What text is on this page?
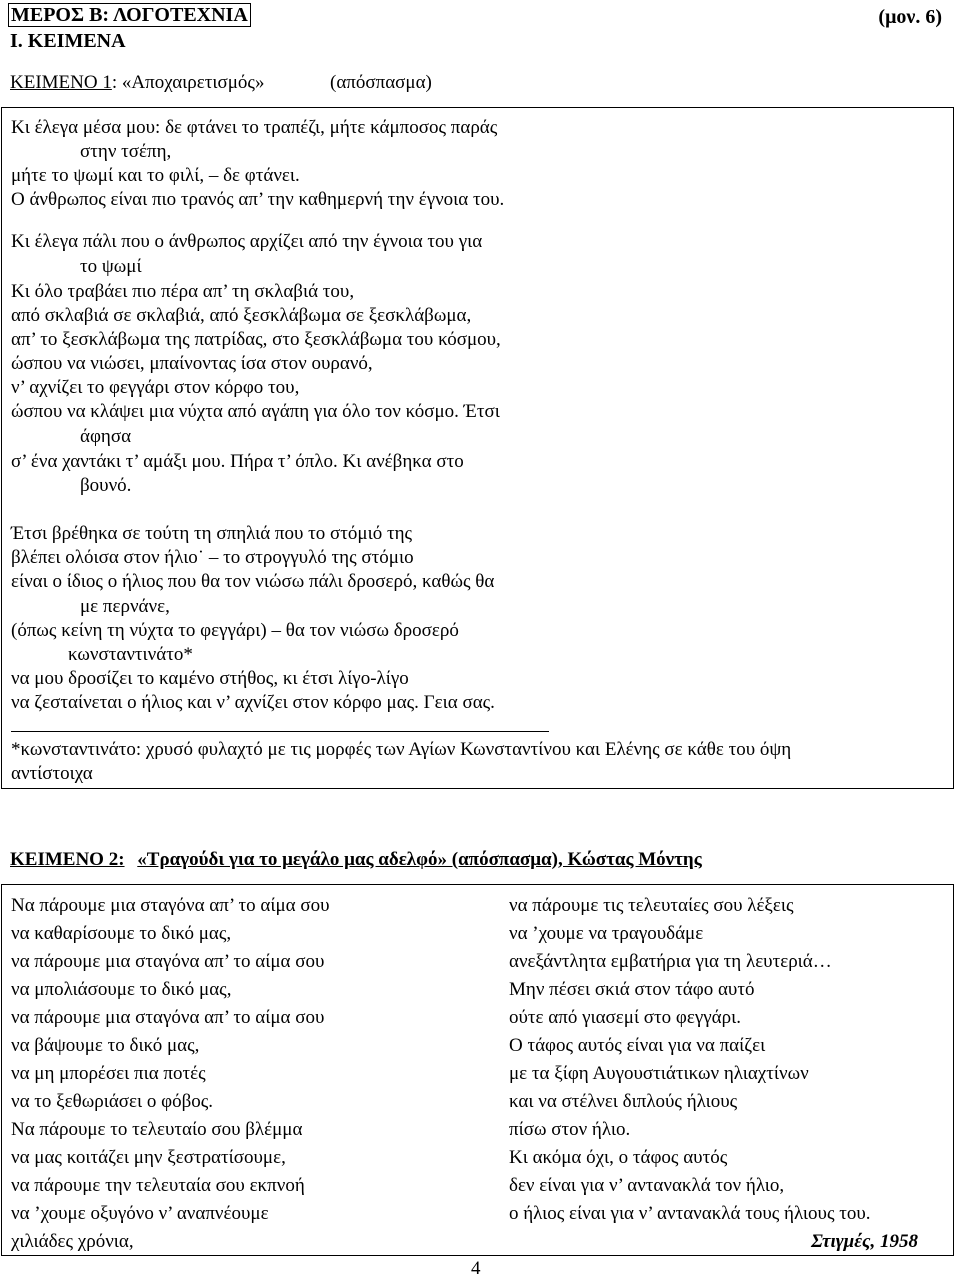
ΜΕΡΟΣ Β: ΛΟΓΟΤΕΧΝΙΑ	(μον. 6)
Ι. ΚΕΙΜΕΝΑ
ΚΕΙΜΕΝΟ 1: «Αποχαιρετισμός»	(απόσπασμα)
Κι έλεγα μέσα μου: δε φτάνει το τραπέζι, μήτε κάμποσος παράς
στην τσέπη,
μήτε το ψωμί και το φιλί, – δε φτάνει.
Ο άνθρωπος είναι πιο τρανός απ’ την καθημερνή την έγνοια του.
Κι έλεγα πάλι που ο άνθρωπος αρχίζει από την έγνοια του για
το ψωμί
Κι όλο τραβάει πιο πέρα απ’ τη σκλαβιά του,
από σκλαβιά σε σκλαβιά, από ξεσκλάβωμα σε ξεσκλάβωμα,
απ’ το ξεσκλάβωμα της πατρίδας, στο ξεσκλάβωμα του κόσμου,
ώσπου να νιώσει, μπαίνοντας ίσα στον ουρανό,
ν’ αχνίζει το φεγγάρι στον κόρφο του,
ώσπου να κλάψει μια νύχτα από αγάπη για όλο τον κόσμο. Έτσι
άφησα
σ’ ένα χαντάκι τ’ αμάξι μου. Πήρα τ’ όπλο. Κι ανέβηκα στο
βουνό.
Έτσι βρέθηκα σε τούτη τη σπηλιά που το στόμιό της
βλέπει ολόισα στον ήλιο˙ – το στρογγυλό της στόμιο
είναι ο ίδιος ο ήλιος που θα τον νιώσω πάλι δροσερό, καθώς θα
με περνάνε,
(όπως κείνη τη νύχτα το φεγγάρι) – θα τον νιώσω δροσερό
κωνσταντινάτο*
να μου δροσίζει το καμένο στήθος, κι έτσι λίγο-λίγο
να ζεσταίνεται ο ήλιος και ν’ αχνίζει στον κόρφο μας. Γεια σας.
*κωνσταντινάτο: χρυσό φυλαχτό με τις μορφές των Αγίων Κωνσταντίνου και Ελένης σε κάθε του όψη
αντίστοιχα
ΚΕΙΜΕΝΟ 2: «Τραγούδι για το μεγάλο μας αδελφό» (απόσπασμα), Κώστας Μόντης
Να πάρουμε μια σταγόνα απ’ το αίμα σου
να καθαρίσουμε το δικό μας,
να πάρουμε μια σταγόνα απ’ το αίμα σου
να μπολιάσουμε το δικό μας,
να πάρουμε μια σταγόνα απ’ το αίμα σου
να βάψουμε το δικό μας,
να μη μπορέσει πια ποτές
να το ξεθωριάσει ο φόβος.
Να πάρουμε το τελευταίο σου βλέμμα
να μας κοιτάζει μην ξεστρατίσουμε,
να πάρουμε την τελευταία σου εκπνοή
να ’χουμε οξυγόνο ν’ αναπνέουμε
χιλιάδες χρόνια,
να πάρουμε τις τελευταίες σου λέξεις
να ’χουμε να τραγουδάμε
ανεξάντλητα εμβατήρια για τη λευτεριά…
Μην πέσει σκιά στον τάφο αυτό
ούτε από γιασεμί στο φεγγάρι.
Ο τάφος αυτός είναι για να παίζει
με τα ξίφη Αυγουστιάτικων ηλιαχτίνων
και να στέλνει διπλούς ήλιους
πίσω στον ήλιο.
Κι ακόμα όχι, ο τάφος αυτός
δεν είναι για ν’ αντανακλά τον ήλιο,
ο ήλιος είναι για ν’ αντανακλά τους ήλιους του.
Στιγμές, 1958
4
